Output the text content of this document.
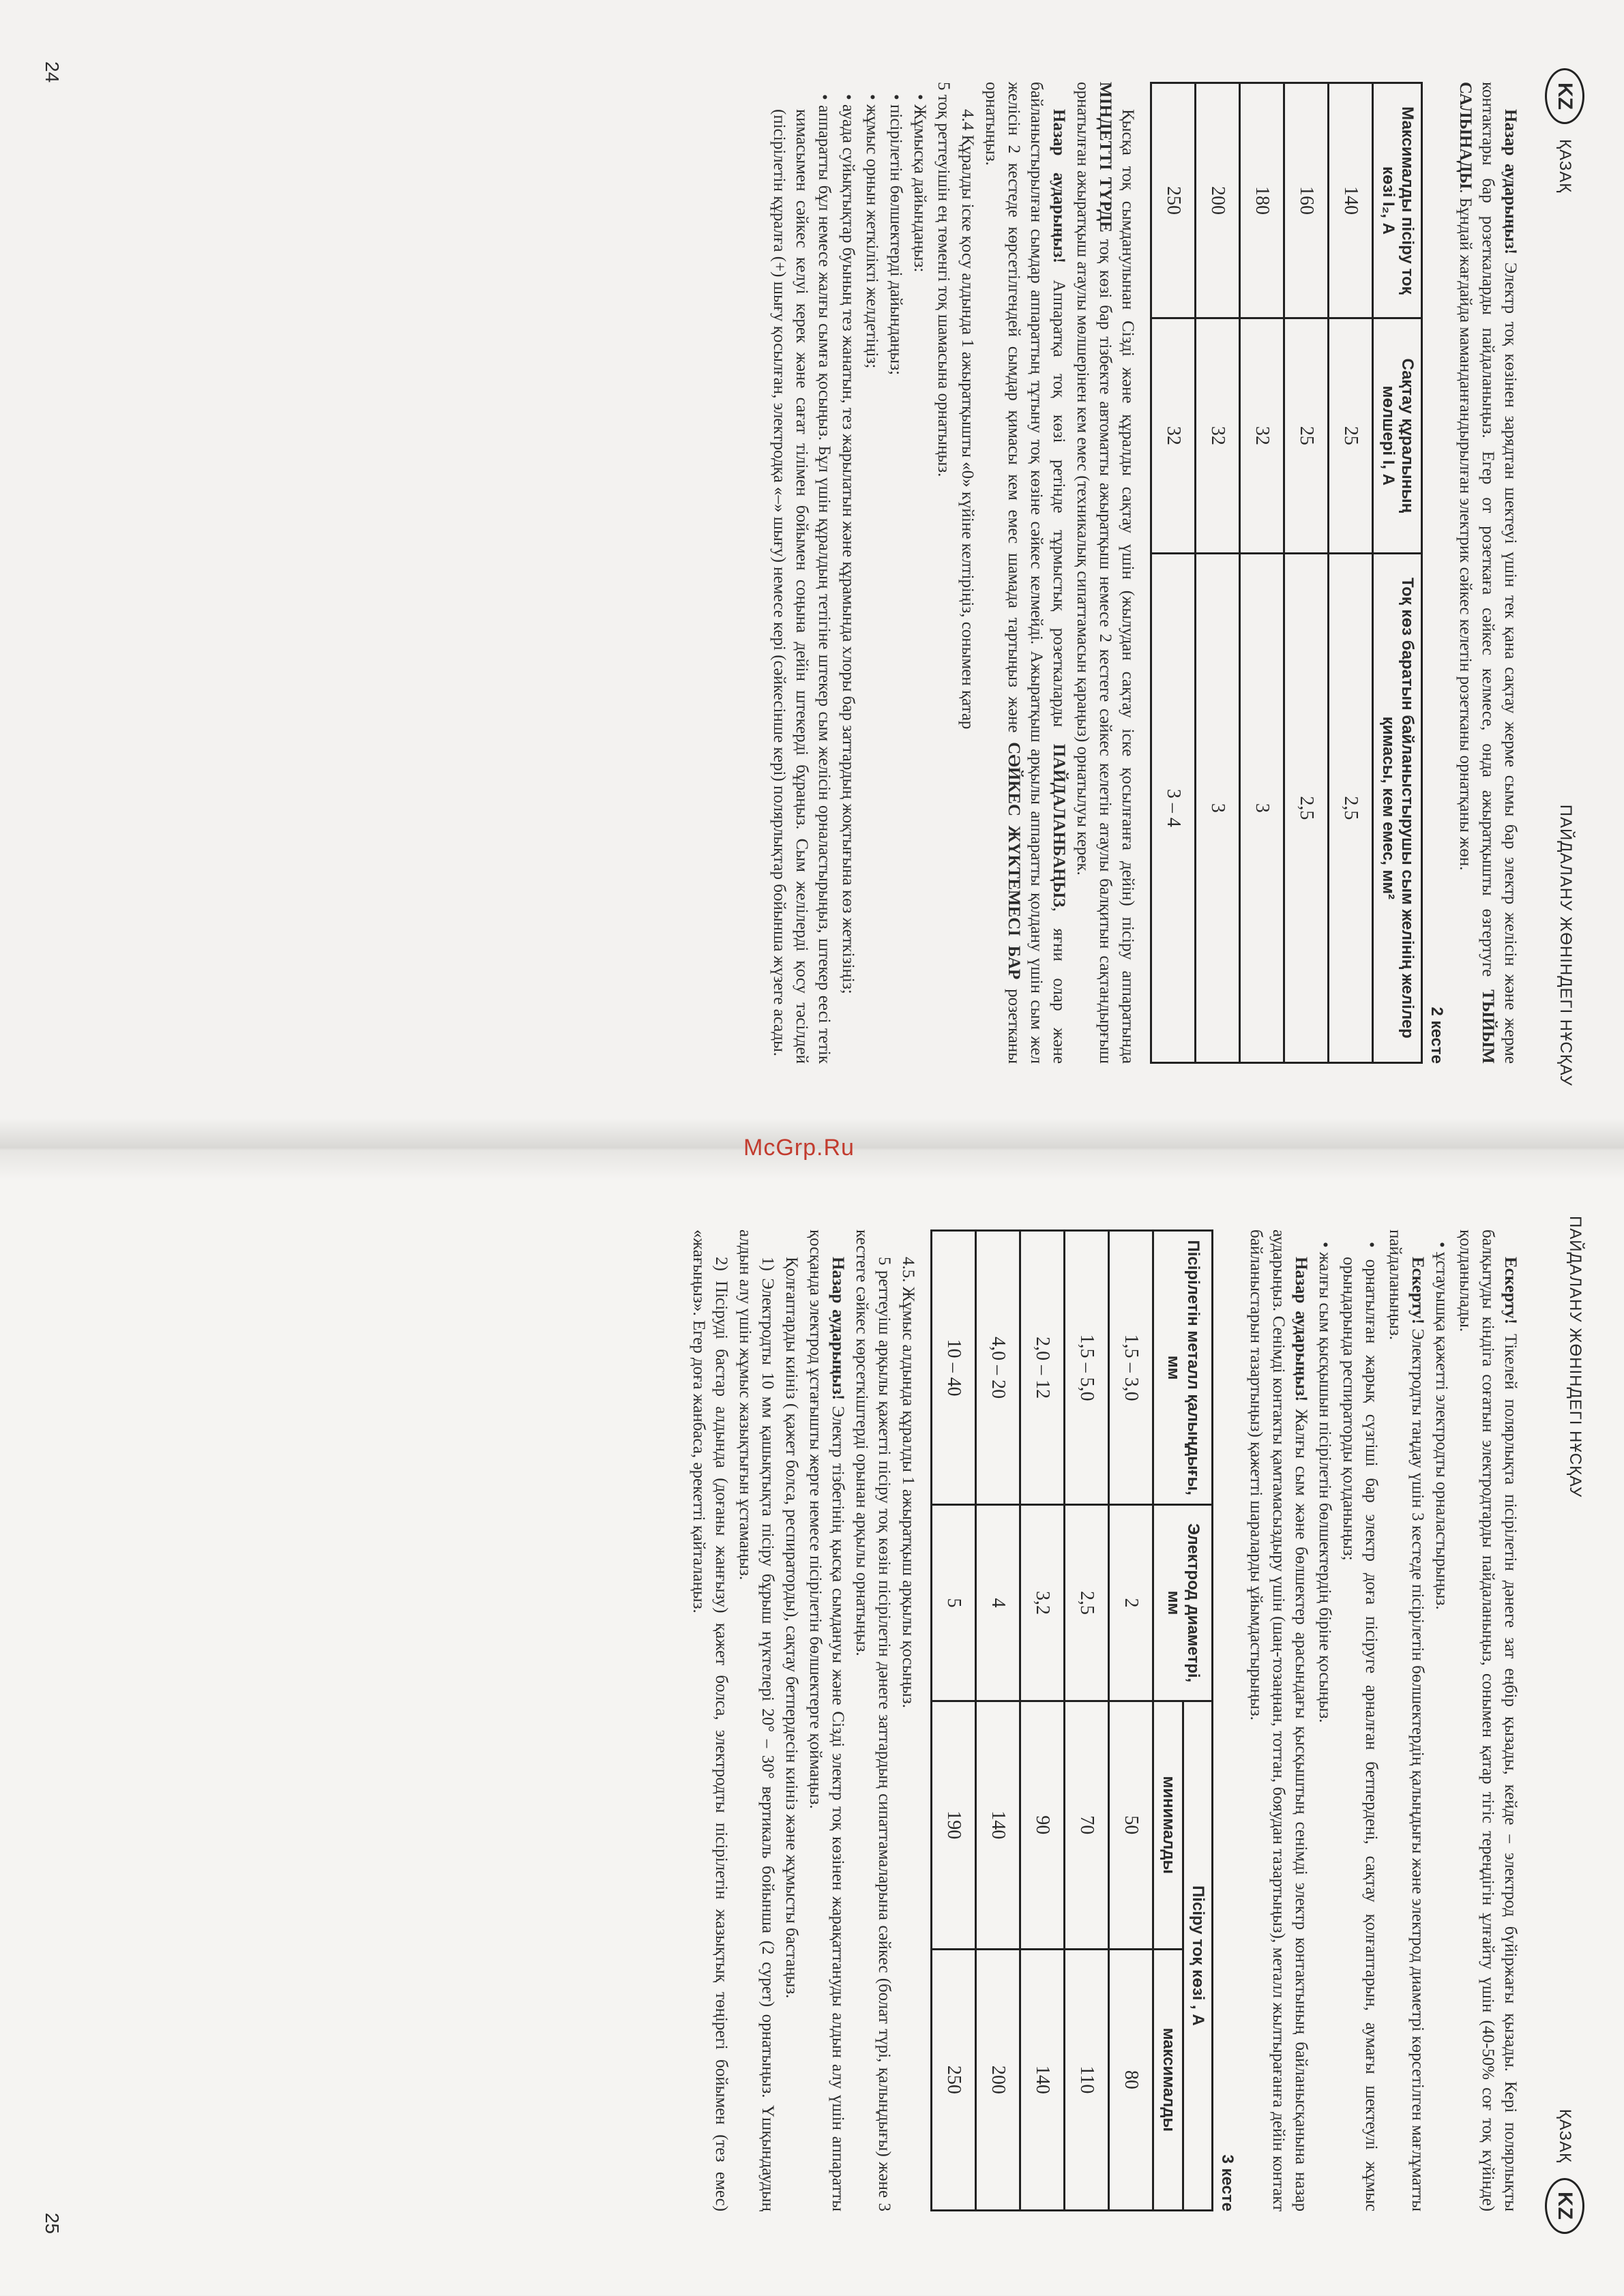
KZ
ҚАЗАҚ
ПАЙДАЛАНУ ЖӨНІНДЕГІ НҰСҚАУ

Назар аударыңыз! Электр тоқ көзінен зарядтан шектеуі үшін тек қана сақтау жерме сымы бар электр желісін және жерме контактары бар розеткаларды пайдаланыңыз. Егер от розеткаға сәйкес келмесе, онда ажыратқышты өзгертуге ТЫЙЫМ САЛЫНАДЫ. Бұндай жағдайда маманданғандырылған электрик сәйкес келетін розетканы орнатқаны жөн.

2 кесте
Максималды пісіру тоқ көзі I₂, А	Сақтау құралының мөлшері I, А	Тоқ көз баратын байланыстырушы сым желінің желілер қимасы, кем емес, мм²
140	25	2,5
160	25	2,5
180	32	3
200	32	3
250	32	3 – 4

Қысқа тоқ сымданулынан Сізді және құралды сақтау үшін (жылудан сақтау іске қосылғанға дейін) пісіру аппаратында МІНДЕТТІ ТҮРДЕ тоқ көзі бар тізбекте автоматты ажыратқыш немесе 2 кестеге сәйкес келетін атаулы балқитын сақтандырғыш орнатылған ажыратқыш атаулы мөлшерінен кем емес (техникалық сипаттамасын қараңыз) орнатылуы керек.

Назар аударыңыз! Аппаратқа тоқ көзі ретінде тұрмыстық розеткаларды ПАЙДАЛАНБАҢЫЗ, яғни олар және байланыстырылған сымдар аппараттың тұтыну тоқ көзіне сәйкес келмейді. Ажыратқыш арқылы аппаратты қолдану үшін сым жел желісін 2 кестеде көрсетілгендей сымдар қимасы кем емес шамада тартыңыз және СӘЙКЕС ЖҮКТЕМЕСІ БАР розетканы орнатыңыз.

4.4 Құралды іске қосу алдында 1 ажыратқышты «0» күйіне келтіріңіз, сонымен қатар

5 тоқ реттеуішін ең төменгі тоқ шамасына орнатыңыз.

• Жұмысқа дайындаңыз:

• пісірілетін бөлшектерді дайындаңыз;

• жұмыс орнын жеткілікті желдетіңіз;

• ауада суйықтықтар буының тез жанатын, тез жарылатын және құрамында хлоры бар заттардың жоқтығына көз жеткізіңіз;

• аппаратты бұл немесе жалғы сымға қосыңыз. Бұл үшін құралдың тетігіне штекер сым желісін орналастырыңыз, штекер еесі тетік кимасымен сәйкес келуі керек және сағат тілімен бойымен соңына дейін штекерді бұраңыз. Сым желілерді қосу тәсілдей (пісірілетін құралға (+) шығу қосылған, электродқа «–» шығу) немесе кері (сәйкесінше кері) полярлықтар бойынша жүзеге асады.

24
ПАЙДАЛАНУ ЖӨНІНДЕГІ НҰСҚАУ
ҚАЗАҚ
KZ

Ескерту! Тікелей полярлықта пісірілетін дәнеге зат еңбір қызады, кейде – электрод бүйіржағы қызады. Кері полярлықты балқытуды кіндіга соғатын электродтарды пайдаланыңыз, сонымен қатар тігіс тереңдігін ұлғайту үшін (40-50% соғ тоқ күйінде) қолданылады.

• ұстауышқа қажетті электродты орналастырыңыз.

Ескерту! Электродты таңдау үшін 3 кестеде пісірілетін бөлшектердің қалыңдығы және электрод диаметрі көрсетілген мағлұматты пайдаланыңыз.

• орнатылған жарық сүзгіші бар электр доға пісіруге арналған бетперденi, сақтау қолғаптарын, аумағы шектеулі жұмыс орындарында респираторды қолданыңыз;

• жалғы сым қысқышын пісірілетін бөлшектердің біріне қосыңыз.

Назар аударыңыз! Жалғы сым және бөлшектер арасындағы қысқыштың сенімді электр контактының байланысқанына назар аударыңыз. Сенімді контакты қамтамасыздыру үшін (шаң-тозаңнан, тоттан, бояудан тазартыңыз), металл жылтырағанға дейін контакт байланыстарын тазартыңыз) қажетті шараларды ұйымдастырыңыз.

3 кесте
Пісірілетін металл қалыңдығы, мм	Электрод диаметрі, мм	Пісіру тоқ көзі , А	
		минималды	максималды
1,5 – 3,0	2	50	80
1,5 – 5,0	2,5	70	110
2,0 – 12	3,2	90	140
4,0 – 20	4	140	200
10 – 40	5	190	250

4.5. Жұмыс алдында құралды 1 ажыратқыш арқылы қосыңыз.

5 реттеуіш арқылы қажетті пісіру тоқ көзін пісірілетін дәнеге заттардың сипаттамаларына сәйкес (болат түрі, қалыңдығы) және 3 кестеге сәйкес көрсеткіштерді орынан арқылы орнатыңыз.

Назар аударыңыз! Электр тізбегінің қысқа сымдануы және Сізді электр тоқ көзінен жарақаттануды алдын алу үшін аппаратты қосқанда электрод ұстағышты жерге немесе пісірілетін бөлшектерге қоймаңыз.

Қолғаптарды киініз ( қажет болса, респираторды), сақтау бетпердесін киініз және жұмысты бастаңыз.

1) Электродты 10 мм қашықтықта пісіру бұрыш нүктелері 20° – 30° вертикаль бойынша (2 сурет) орнатыңыз. Үшқындаудың алдын алу үшін жұмыс жазықтығын ұстамаңыз.

2) Пісіруді бастар алдында (доғаны жанғызу) қажет болса, электродты пісірілетін жазықтық төңірегі бойымен (тез емес) «жағыңыз». Егер доға жанбаса, әрекетті қайталаңыз.

25
McGrp.Ru
